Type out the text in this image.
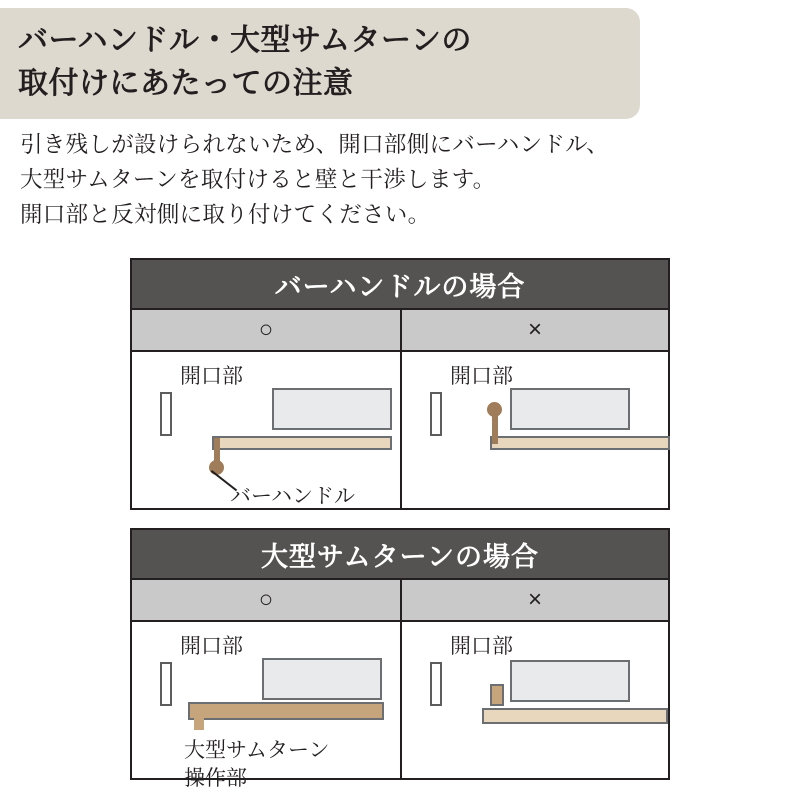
バーハンドル・大型サムターンの
取付けにあたっての注意
引き残しが設けられないため、開口部側にバーハンドル、
大型サムターンを取付けると壁と干渉します。
開口部と反対側に取り付けてください。
バーハンドルの場合
○	×
開口部
バーハンドル
開口部
大型サムターンの場合
○	×
開口部
大型サムターン
操作部
開口部
